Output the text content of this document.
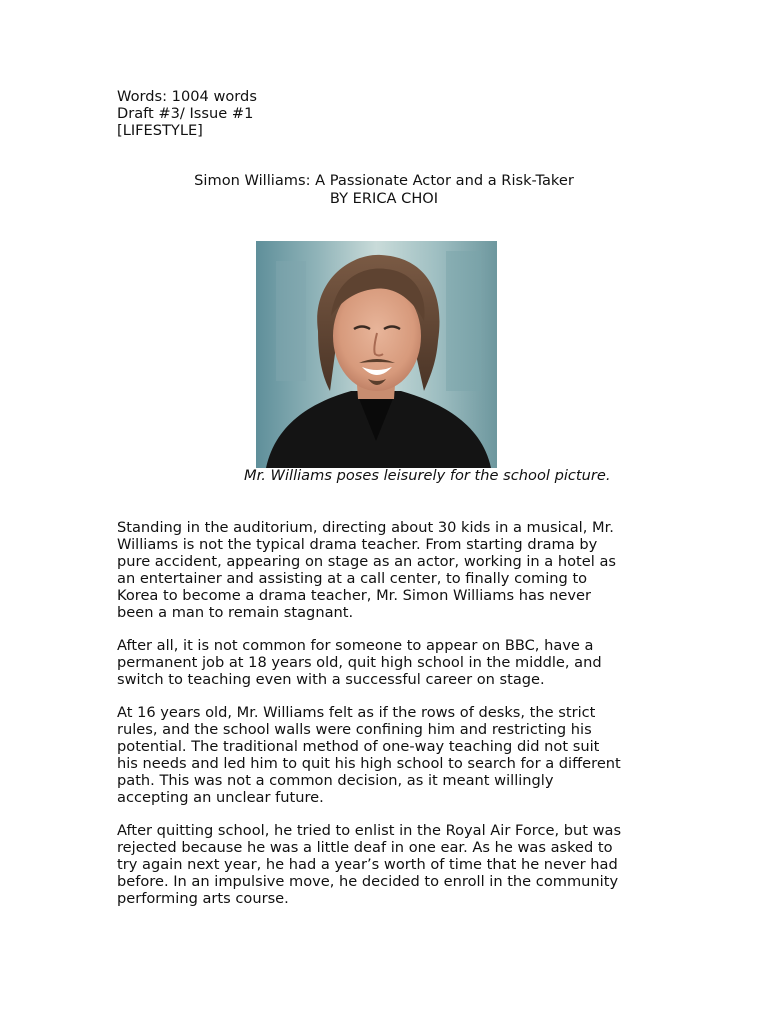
Words: 1004 words
Draft #3/ Issue #1
[LIFESTYLE]
Simon Williams: A Passionate Actor and a Risk-Taker
BY ERICA CHOI
Mr. Williams poses leisurely for the school picture.
Standing in the auditorium, directing about 30 kids in a musical, Mr.
Williams is not the typical drama teacher. From starting drama by
pure accident, appearing on stage as an actor, working in a hotel as
an entertainer and assisting at a call center, to finally coming to
Korea to become a drama teacher, Mr. Simon Williams has never
been a man to remain stagnant.
After all, it is not common for someone to appear on BBC, have a
permanent job at 18 years old, quit high school in the middle, and
switch to teaching even with a successful career on stage.
At 16 years old, Mr. Williams felt as if the rows of desks, the strict
rules, and the school walls were confining him and restricting his
potential. The traditional method of one-way teaching did not suit
his needs and led him to quit his high school to search for a different
path. This was not a common decision, as it meant willingly
accepting an unclear future.
After quitting school, he tried to enlist in the Royal Air Force, but was
rejected because he was a little deaf in one ear. As he was asked to
try again next year, he had a year’s worth of time that he never had
before. In an impulsive move, he decided to enroll in the community
performing arts course.
